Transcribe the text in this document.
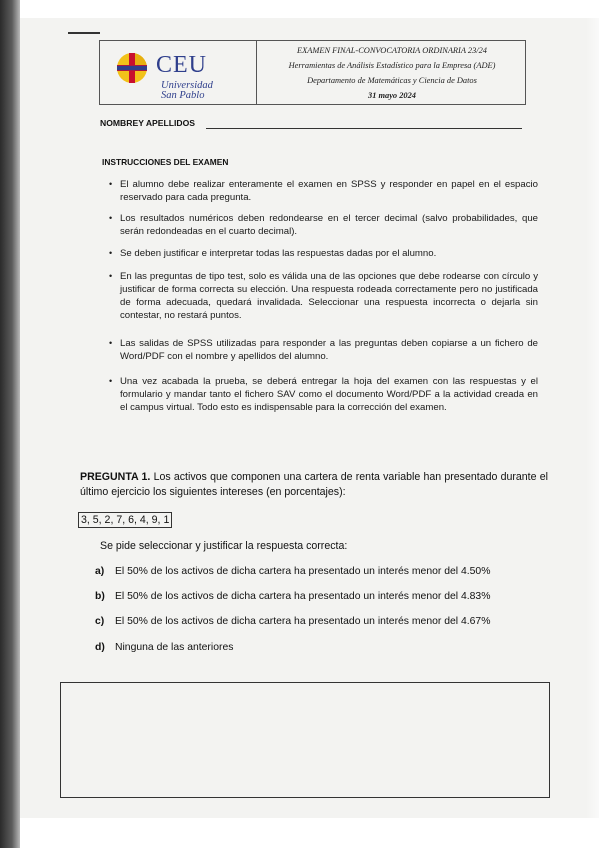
CEU
Universidad
San Pablo
EXAMEN FINAL-CONVOCATORIA ORDINARIA 23/24
Herramientas de Análisis Estadístico para la Empresa (ADE)
Departamento de Matemáticas y Ciencia de Datos
31 mayo 2024
NOMBREY APELLIDOS
INSTRUCCIONES DEL EXAMEN
• El alumno debe realizar enteramente el examen en SPSS y responder en papel en el espacio reservado para cada pregunta.
• Los resultados numéricos deben redondearse en el tercer decimal (salvo probabilidades, que serán redondeadas en el cuarto decimal).
• Se deben justificar e interpretar todas las respuestas dadas por el alumno.
• En las preguntas de tipo test, solo es válida una de las opciones que debe rodearse con círculo y justificar de forma correcta su elección. Una respuesta rodeada correctamente pero no justificada de forma adecuada, quedará invalidada. Seleccionar una respuesta incorrecta o dejarla sin contestar, no restará puntos.
• Las salidas de SPSS utilizadas para responder a las preguntas deben copiarse a un fichero de Word/PDF con el nombre y apellidos del alumno.
• Una vez acabada la prueba, se deberá entregar la hoja del examen con las respuestas y el formulario y mandar tanto el fichero SAV como el documento Word/PDF a la actividad creada en el campus virtual. Todo esto es indispensable para la corrección del examen.
PREGUNTA 1. Los activos que componen una cartera de renta variable han presentado durante el último ejercicio los siguientes intereses (en porcentajes):
3, 5, 2, 7, 6, 4, 9, 1
Se pide seleccionar y justificar la respuesta correcta:
a) El 50% de los activos de dicha cartera ha presentado un interés menor del 4.50%
b) El 50% de los activos de dicha cartera ha presentado un interés menor del 4.83%
c) El 50% de los activos de dicha cartera ha presentado un interés menor del 4.67%
d) Ninguna de las anteriores
